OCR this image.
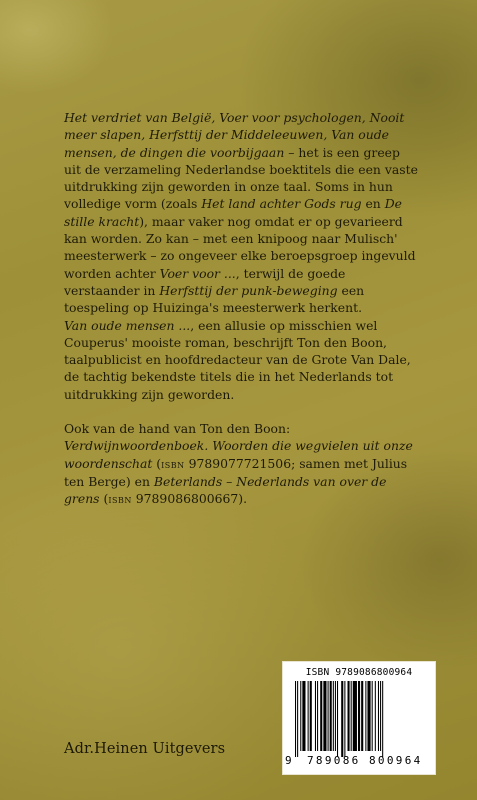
Het verdriet van België, Voer voor psychologen, Nooit meer slapen, Herfsttij der Middeleeuwen, Van oude mensen, de dingen die voorbijgaan – het is een greep uit de verzameling Nederlandse boektitels die een vaste uitdrukking zijn geworden in onze taal. Soms in hun volledige vorm (zoals Het land achter Gods rug en De stille kracht), maar vaker nog omdat er op gevarieerd kan worden. Zo kan – met een knipoog naar Mulisch' meesterwerk – zo ongeveer elke beroepsgroep ingevuld worden achter Voer voor ..., terwijl de goede verstaander in Herfsttij der punk-beweging een toespeling op Huizinga's meesterwerk herkent.

Van oude mensen ..., een allusie op misschien wel Couperus' mooiste roman, beschrijft Ton den Boon, taalpublicist en hoofdredacteur van de Grote Van Dale, de tachtig bekendste titels die in het Nederlands tot uitdrukking zijn geworden.

Ook van de hand van Ton den Boon:
Verdwijnwoordenboek. Woorden die wegvielen uit onze woordenschat (isbn 9789077721506; samen met Julius ten Berge) en Beterlands – Nederlands van over de grens (isbn 9789086800667).

ISBN 9789086800964
9 789086 800964
Adr.Heinen Uitgevers
